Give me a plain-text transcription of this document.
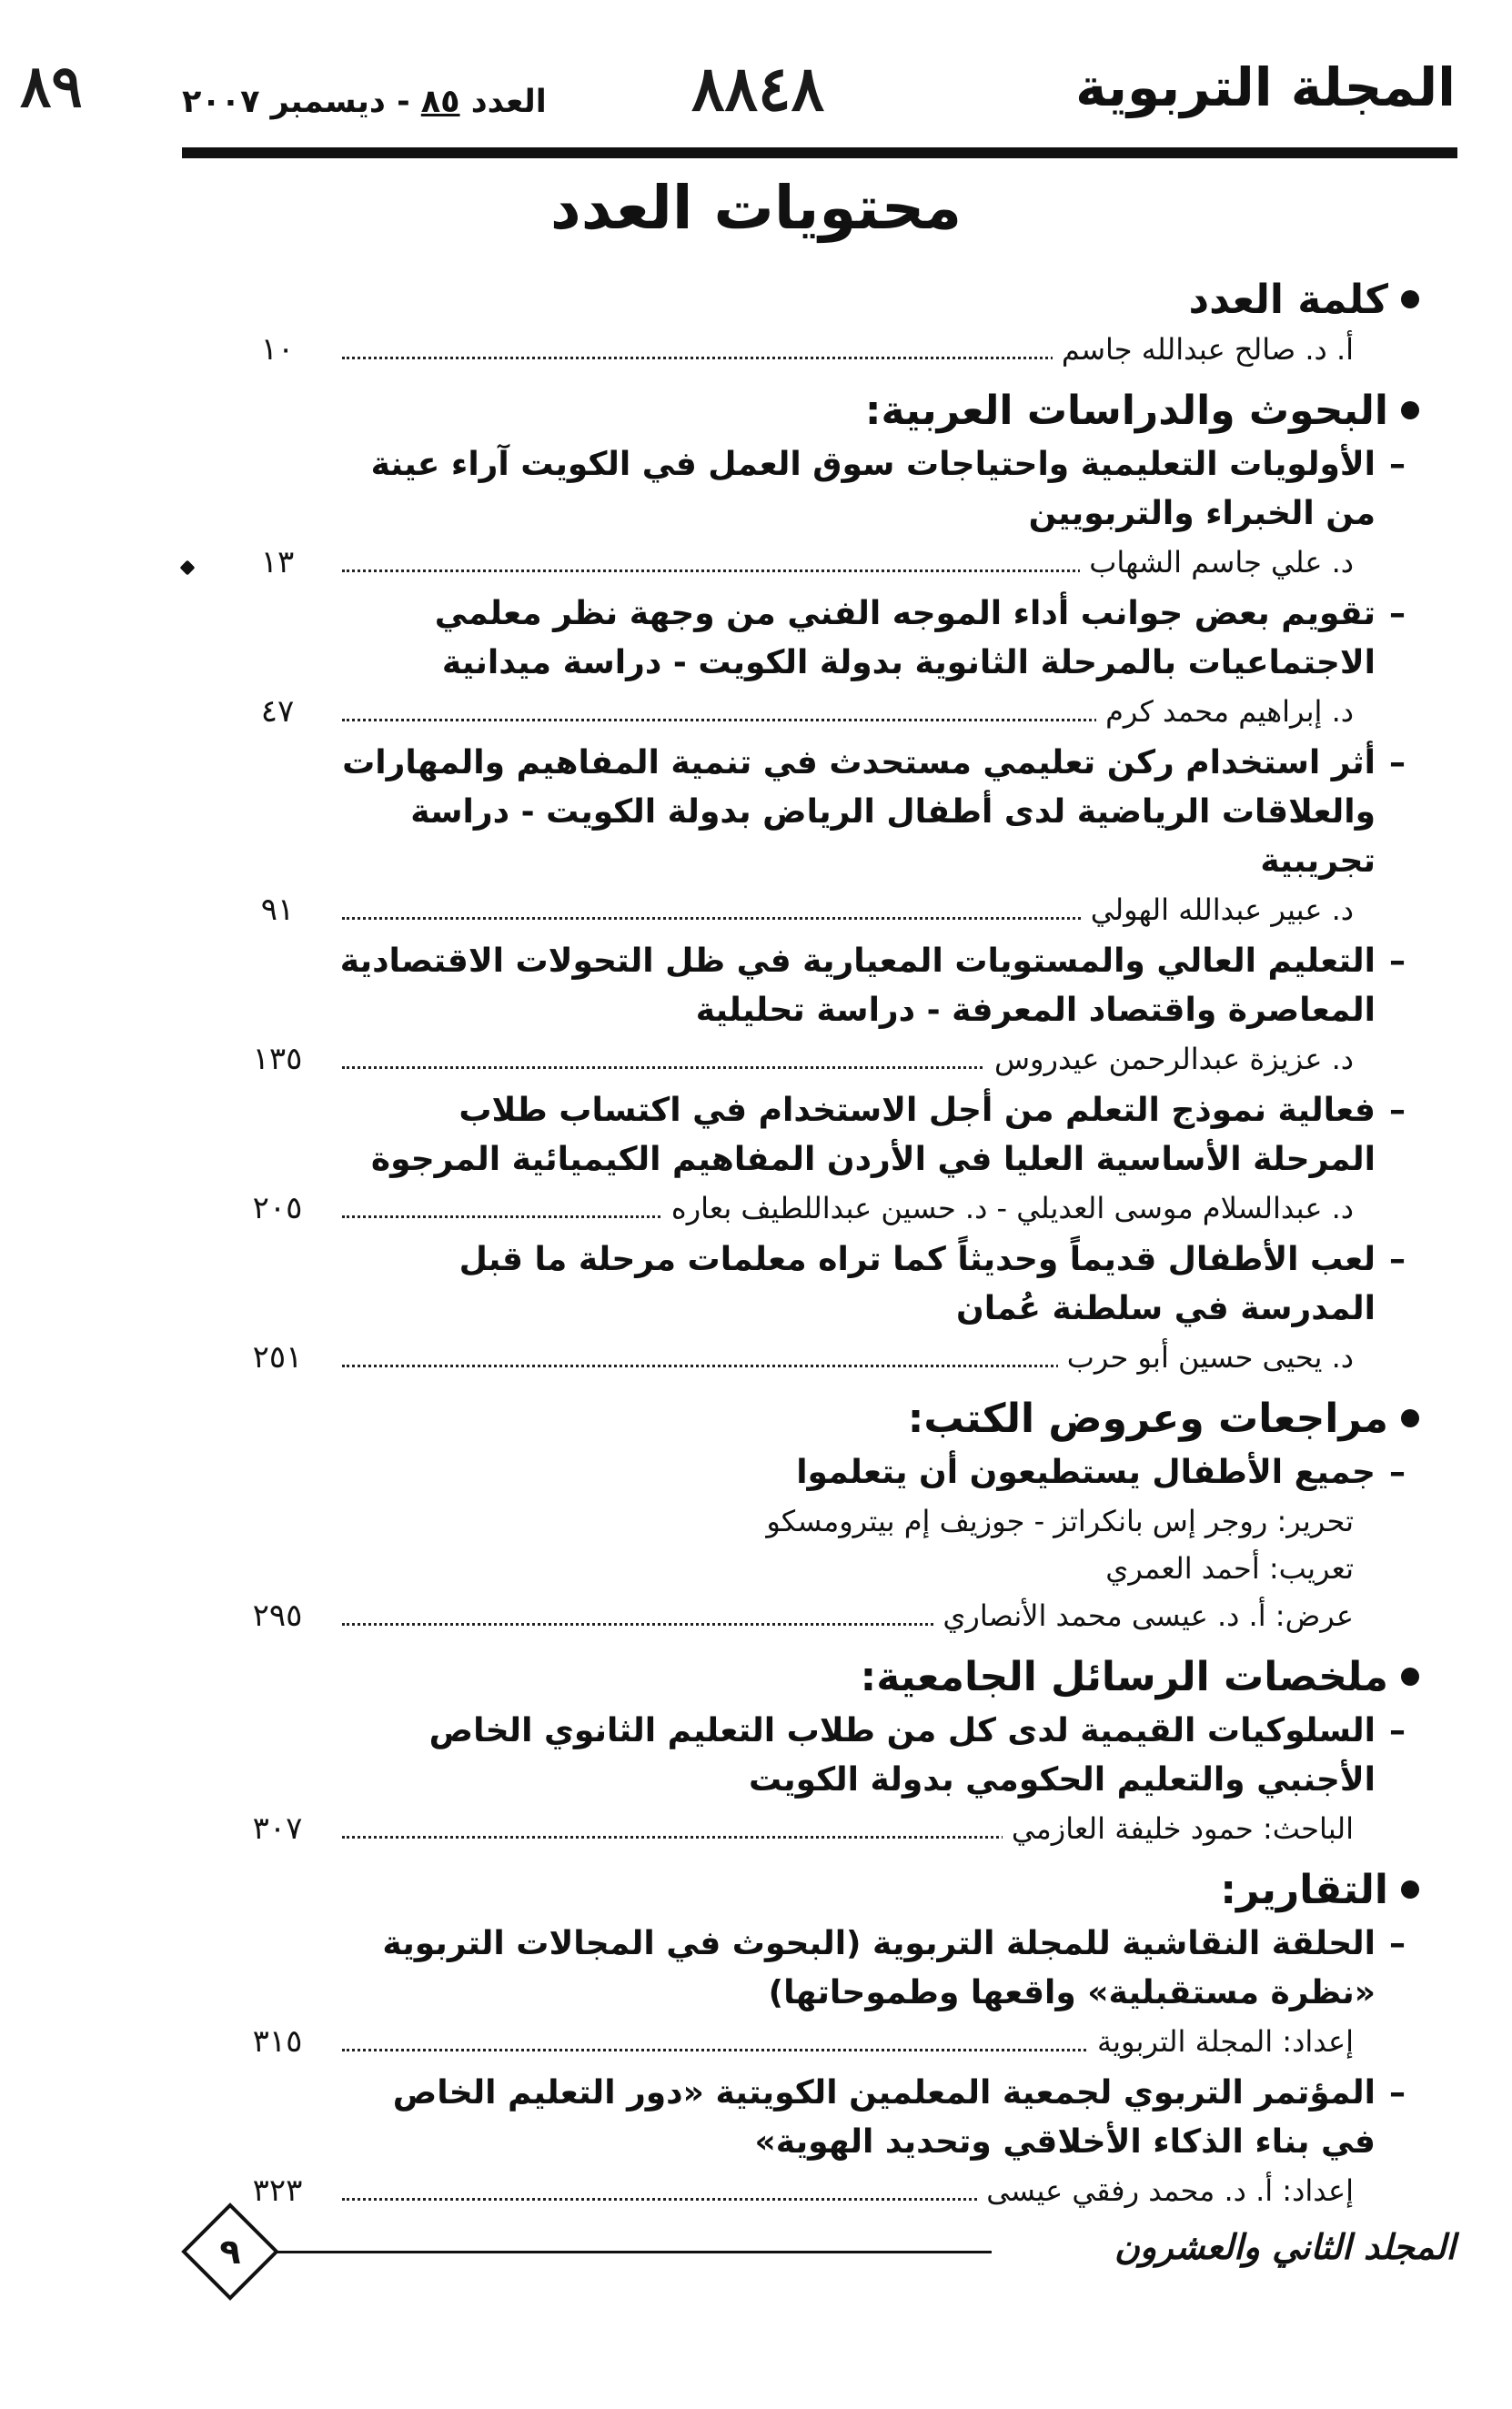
٨٩	٨٨٤٨	المجلة التربوية
العدد ٨٥ - ديسمبر ٢٠٠٧
محتويات العدد
كلمة العدد
أ. د. صالح عبدالله جاسم
١٠
البحوث والدراسات العربية:
–
الأولويات التعليمية واحتياجات سوق العمل في الكويت آراء عينة من الخبراء والتربويين
د. علي جاسم الشهاب
١٣
–
تقويم بعض جوانب أداء الموجه الفني من وجهة نظر معلمي الاجتماعيات بالمرحلة الثانوية بدولة الكويت - دراسة ميدانية
د. إبراهيم محمد كرم
٤٧
–
أثر استخدام ركن تعليمي مستحدث في تنمية المفاهيم والمهارات والعلاقات الرياضية لدى أطفال الرياض بدولة الكويت - دراسة تجريبية
د. عبير عبدالله الهولي
٩١
–
التعليم العالي والمستويات المعيارية في ظل التحولات الاقتصادية المعاصرة واقتصاد المعرفة - دراسة تحليلية
د. عزيزة عبدالرحمن عيدروس
١٣٥
–
فعالية نموذج التعلم من أجل الاستخدام في اكتساب طلاب المرحلة الأساسية العليا في الأردن المفاهيم الكيميائية المرجوة
د. عبدالسلام موسى العديلي - د. حسين عبداللطيف بعاره
٢٠٥
–
لعب الأطفال قديماً وحديثاً كما تراه معلمات مرحلة ما قبل المدرسة في سلطنة عُمان
د. يحيى حسين أبو حرب
٢٥١
مراجعات وعروض الكتب:
–
جميع الأطفال يستطيعون أن يتعلموا
تحرير: روجر إس بانكراتز - جوزيف إم بيترومسكو
تعريب: أحمد العمري
عرض: أ. د. عيسى محمد الأنصاري
٢٩٥
ملخصات الرسائل الجامعية:
–
السلوكيات القيمية لدى كل من طلاب التعليم الثانوي الخاص الأجنبي والتعليم الحكومي بدولة الكويت
الباحث: حمود خليفة العازمي
٣٠٧
التقارير:
–
الحلقة النقاشية للمجلة التربوية (البحوث في المجالات التربوية «نظرة مستقبلية» واقعها وطموحاتها)
إعداد: المجلة التربوية
٣١٥
–
المؤتمر التربوي لجمعية المعلمين الكويتية «دور التعليم الخاص في بناء الذكاء الأخلاقي وتحديد الهوية»
إعداد: أ. د. محمد رفقي عيسى
٣٢٣
المجلد الثاني والعشرون
٩
